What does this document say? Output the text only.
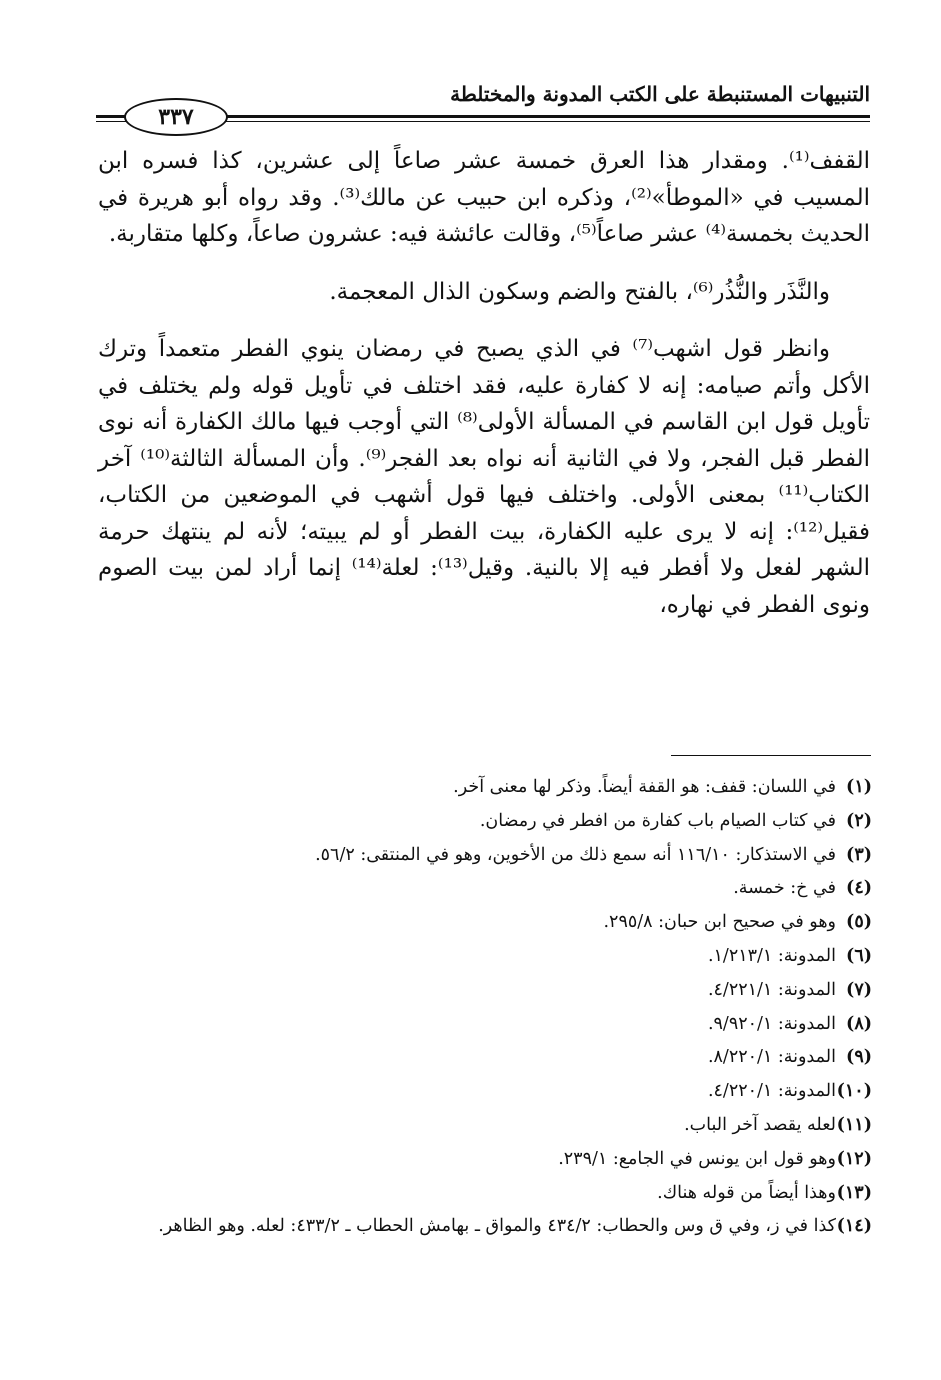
التنبيهات المستنبطة على الكتب المدونة والمختلطة
٣٣٧

القفف⁽¹⁾. ومقدار هذا العرق خمسة عشر صاعاً إلى عشرين، كذا فسره ابن المسيب في «الموطأ»⁽²⁾، وذكره ابن حبيب عن مالك⁽³⁾. وقد رواه أبو هريرة في الحديث بخمسة⁽⁴⁾ عشر صاعاً⁽⁵⁾، وقالت عائشة فيه: عشرون صاعاً، وكلها متقاربة.

والنَّذَر والنُّذُر⁽⁶⁾، بالفتح والضم وسكون الذال المعجمة.

وانظر قول اشهب⁽⁷⁾ في الذي يصبح في رمضان ينوي الفطر متعمداً وترك الأكل وأتم صيامه: إنه لا كفارة عليه، فقد اختلف في تأويل قوله ولم يختلف في تأويل قول ابن القاسم في المسألة الأولى⁽⁸⁾ التي أوجب فيها مالك الكفارة أنه نوى الفطر قبل الفجر، ولا في الثانية أنه نواه بعد الفجر⁽⁹⁾. وأن المسألة الثالثة⁽¹⁰⁾ آخر الكتاب⁽¹¹⁾ بمعنى الأولى. واختلف فيها قول أشهب في الموضعين من الكتاب، فقيل⁽¹²⁾: إنه لا يرى عليه الكفارة، بيت الفطر أو لم يبيته؛ لأنه لم ينتهك حرمة الشهر لفعل ولا أفطر فيه إلا بالنية. وقيل⁽¹³⁾: لعلة⁽¹⁴⁾ إنما أراد لمن بيت الصوم ونوى الفطر في نهاره،

(١)
في اللسان: قفف: هو القفة أيضاً. وذكر لها معنى آخر.
(٢)
في كتاب الصيام باب كفارة من افطر في رمضان.
(٣)
في الاستذكار: ١١٦/١٠ أنه سمع ذلك من الأخوين، وهو في المنتقى: ٥٦/٢.
(٤)
في خ: خمسة.
(٥)
وهو في صحيح ابن حبان: ٢٩٥/٨.
(٦)
المدونة: ١/٢١٣/١.
(٧)
المدونة: ٤/٢٢١/١.
(٨)
المدونة: ٩/٩٢٠/١.
(٩)
المدونة: ٨/٢٢٠/١.
(١٠)
المدونة: ٤/٢٢٠/١.
(١١)
لعله يقصد آخر الباب.
(١٢)
وهو قول ابن يونس في الجامع: ٢٣٩/١.
(١٣)
وهذا أيضاً من قوله هناك.
(١٤)
كذا في ز، وفي ق وس والحطاب: ٤٣٤/٢ والمواق ـ بهامش الحطاب ـ ٤٣٣/٢: لعله. وهو الظاهر.
